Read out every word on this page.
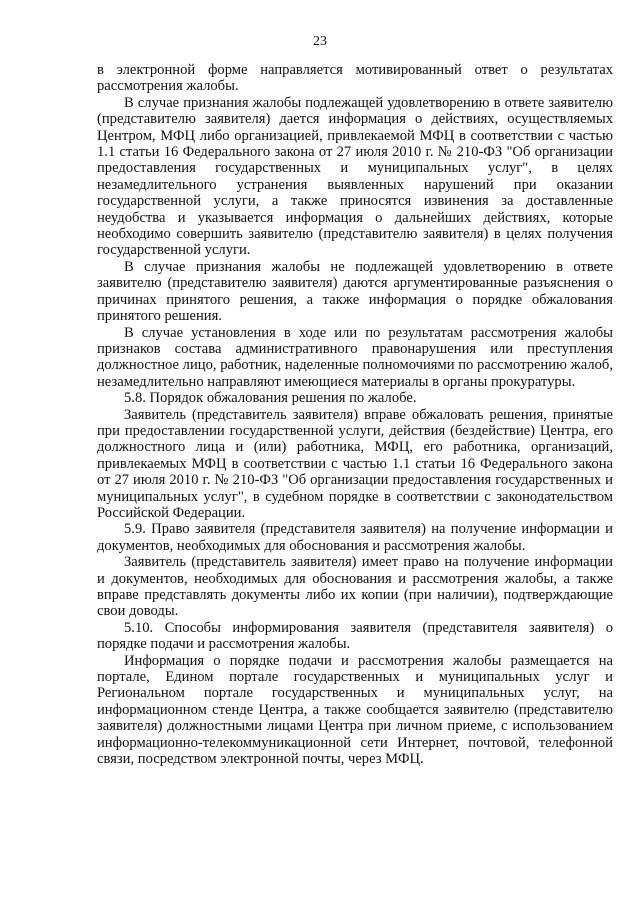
23

в электронной форме направляется мотивированный ответ о результатах рассмотрения жалобы.

В случае признания жалобы подлежащей удовлетворению в ответе заявителю (представителю заявителя) дается информация о действиях, осуществляемых Центром, МФЦ либо организацией, привлекаемой МФЦ в соответствии с частью 1.1 статьи 16 Федерального закона от 27 июля 2010 г. № 210-ФЗ "Об организации предоставления государственных и муниципальных услуг", в целях незамедлительного устранения выявленных нарушений при оказании государственной услуги, а также приносятся извинения за доставленные неудобства и указывается информация о дальнейших действиях, которые необходимо совершить заявителю (представителю заявителя) в целях получения государственной услуги.

В случае признания жалобы не подлежащей удовлетворению в ответе заявителю (представителю заявителя) даются аргументированные разъяснения о причинах принятого решения, а также информация о порядке обжалования принятого решения.

В случае установления в ходе или по результатам рассмотрения жалобы признаков состава административного правонарушения или преступления должностное лицо, работник, наделенные полномочиями по рассмотрению жалоб, незамедлительно направляют имеющиеся материалы в органы прокуратуры.

5.8. Порядок обжалования решения по жалобе.

Заявитель (представитель заявителя) вправе обжаловать решения, принятые при предоставлении государственной услуги, действия (бездействие) Центра, его должностного лица и (или) работника, МФЦ, его работника, организаций, привлекаемых МФЦ в соответствии с частью 1.1 статьи 16 Федерального закона от 27 июля 2010 г. № 210-ФЗ "Об организации предоставления государственных и муниципальных услуг", в судебном порядке в соответствии с законодательством Российской Федерации.

5.9. Право заявителя (представителя заявителя) на получение информации и документов, необходимых для обоснования и рассмотрения жалобы.

Заявитель (представитель заявителя) имеет право на получение информации и документов, необходимых для обоснования и рассмотрения жалобы, а также вправе представлять документы либо их копии (при наличии), подтверждающие свои доводы.

5.10. Способы информирования заявителя (представителя заявителя) о порядке подачи и рассмотрения жалобы.

Информация о порядке подачи и рассмотрения жалобы размещается на портале, Едином портале государственных и муниципальных услуг и Региональном портале государственных и муниципальных услуг, на информационном стенде Центра, а также сообщается заявителю (представителю заявителя) должностными лицами Центра при личном приеме, с использованием информационно-телекоммуникационной сети Интернет, почтовой, телефонной связи, посредством электронной почты, через МФЦ.
